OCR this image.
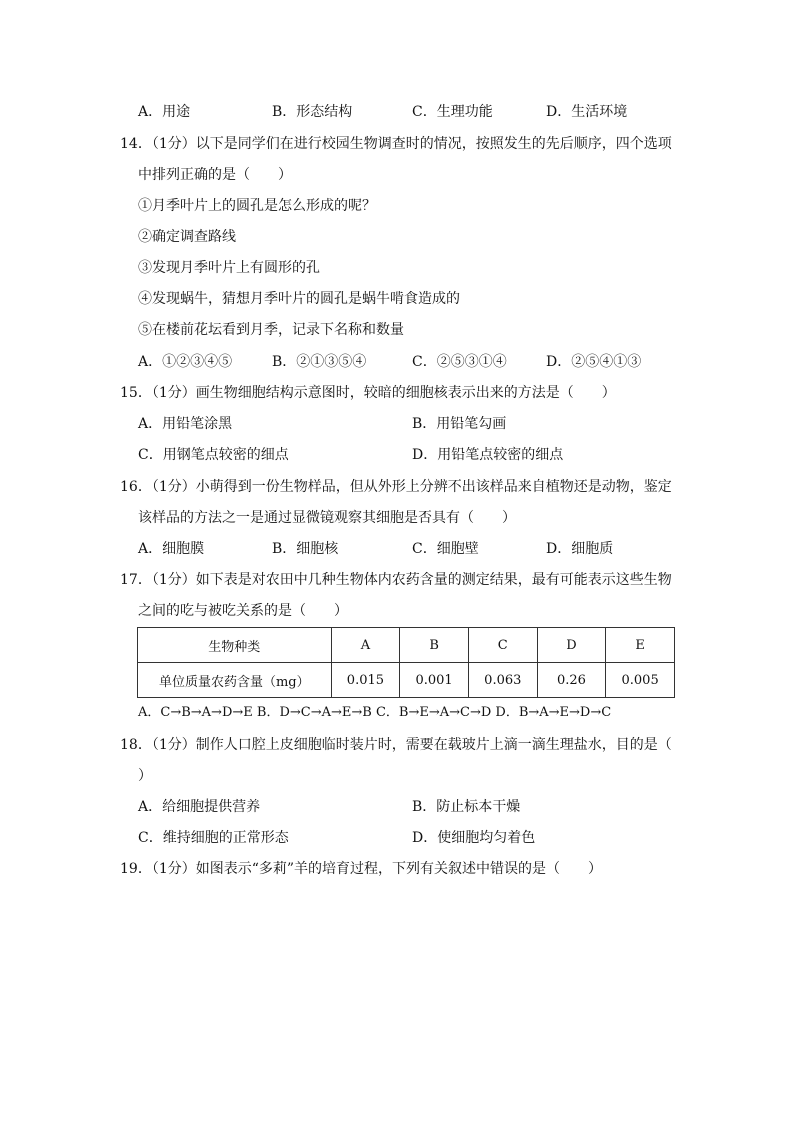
A．用途	B．形态结构	C．生理功能	D．生活环境
14．（1分）以下是同学们在进行校园生物调查时的情况，按照发生的先后顺序，四个选项
中排列正确的是（　　）
①月季叶片上的圆孔是怎么形成的呢？
②确定调查路线
③发现月季叶片上有圆形的孔
④发现蜗牛，猜想月季叶片的圆孔是蜗牛啃食造成的
⑤在楼前花坛看到月季，记录下名称和数量
A．①②③④⑤	B．②①③⑤④	C．②⑤③①④	D．②⑤④①③
15．（1分）画生物细胞结构示意图时，较暗的细胞核表示出来的方法是（　　）
A．用铅笔涂黑	B．用铅笔勾画
C．用钢笔点较密的细点	D．用铅笔点较密的细点
16．（1分）小萌得到一份生物样品，但从外形上分辨不出该样品来自植物还是动物，鉴定
该样品的方法之一是通过显微镜观察其细胞是否具有（　　）
A．细胞膜	B．细胞核	C．细胞壁	D．细胞质
17．（1分）如下表是对农田中几种生物体内农药含量的测定结果，最有可能表示这些生物
之间的吃与被吃关系的是（　　）
生物种类	A	B	C	D	E
单位质量农药含量（mg）	0.015	0.001	0.063	0.26	0.005
A．C→B→A→D→E B．D→C→A→E→B C．B→E→A→C→D D．B→A→E→D→C
18．（1分）制作人口腔上皮细胞临时装片时，需要在载玻片上滴一滴生理盐水，目的是（
）
A．给细胞提供营养	B．防止标本干燥
C．维持细胞的正常形态	D．使细胞均匀着色
19．（1分）如图表示“多莉”羊的培育过程，下列有关叙述中错误的是（　　）
